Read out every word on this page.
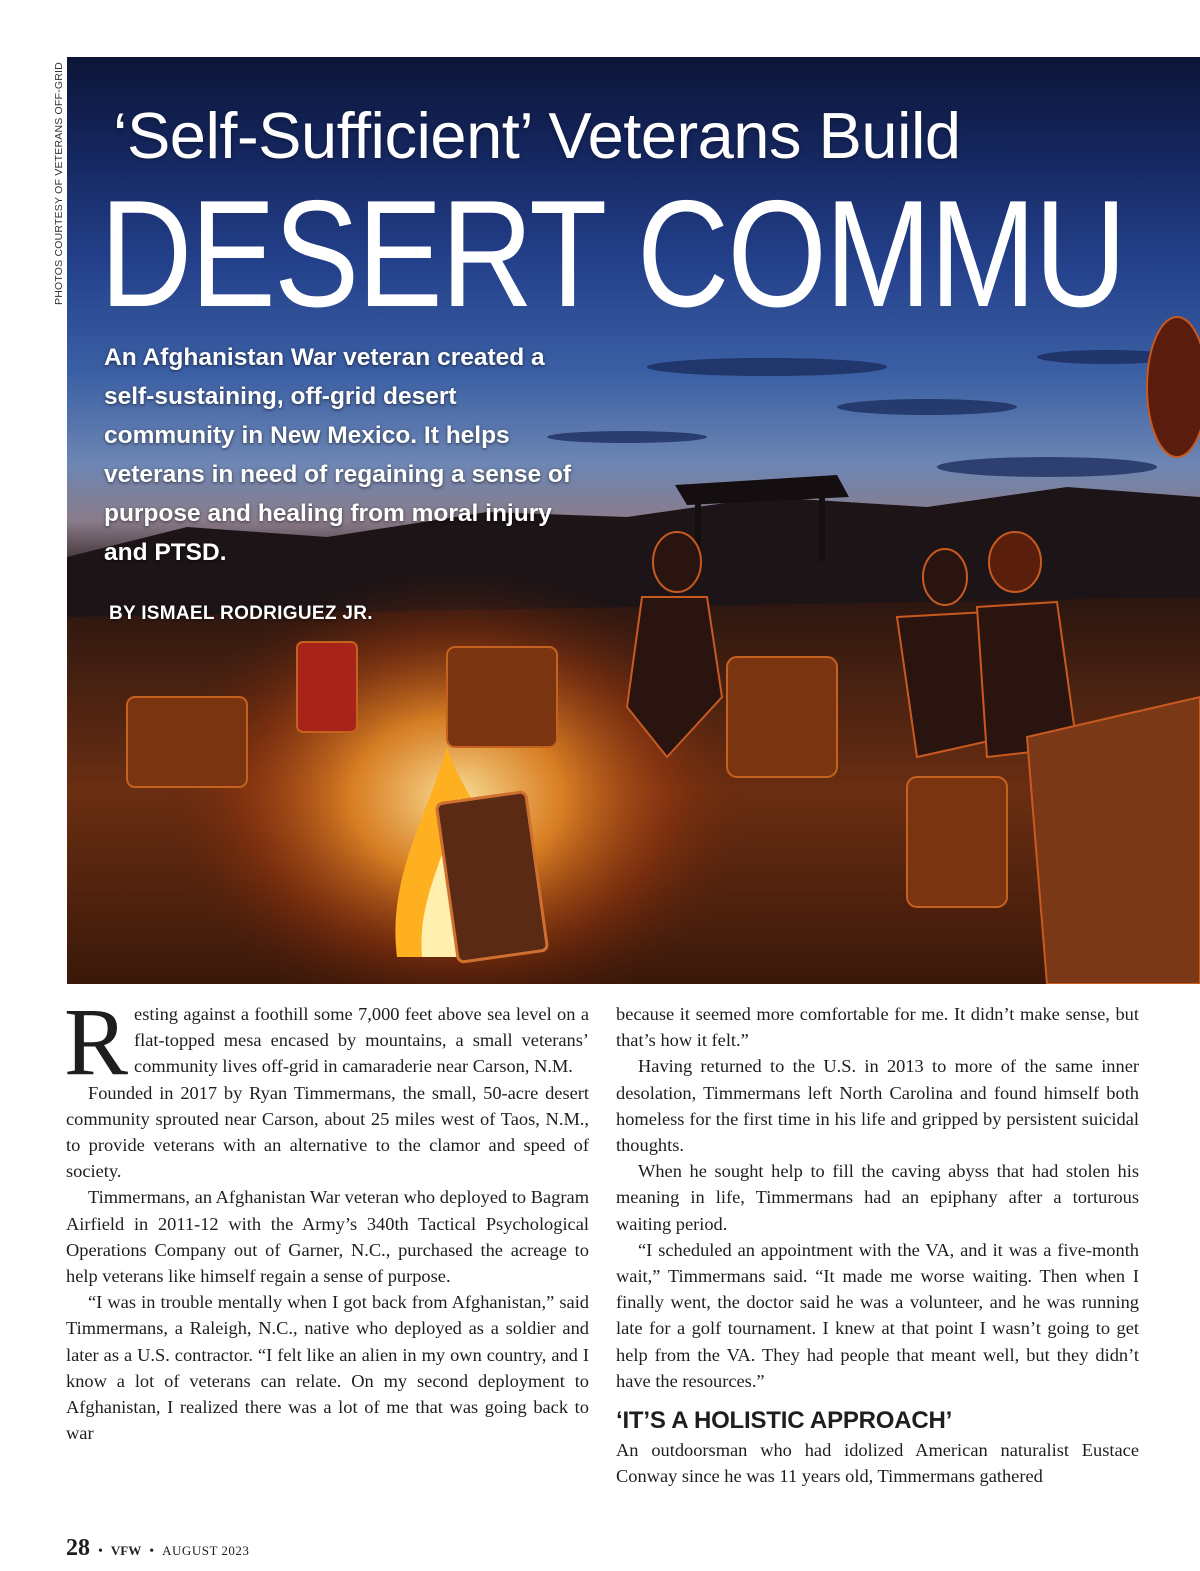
PHOTOS COURTESY OF VETERANS OFF-GRID ‘Self-Sufficient’ Veterans Build
DESERT COMMU
An Afghanistan War veteran created a self-sustaining, off-grid desert community in New Mexico. It helps veterans in need of regaining a sense of purpose and healing from moral injury and PTSD.
BY ISMAEL RODRIGUEZ JR.

Resting against a foothill some 7,000 feet above sea level on a flat-topped mesa encased by mountains, a small veterans’ community lives off-grid in camaraderie near Carson, N.M.

Founded in 2017 by Ryan Timmermans, the small, 50-acre desert community sprouted near Carson, about 25 miles west of Taos, N.M., to provide veterans with an alternative to the clamor and speed of society.

Timmermans, an Afghanistan War veteran who deployed to Bagram Airfield in 2011-12 with the Army’s 340th Tactical Psychological Operations Company out of Garner, N.C., purchased the acreage to help veterans like himself regain a sense of purpose.

“I was in trouble mentally when I got back from Afghanistan,” said Timmermans, a Raleigh, N.C., native who deployed as a soldier and later as a U.S. contractor. “I felt like an alien in my own country, and I know a lot of veterans can relate. On my second deployment to Afghanistan, I realized there was a lot of me that was going back to war

because it seemed more comfortable for me. It didn’t make sense, but that’s how it felt.”

Having returned to the U.S. in 2013 to more of the same inner desolation, Timmermans left North Carolina and found himself both homeless for the first time in his life and gripped by persistent suicidal thoughts.

When he sought help to fill the caving abyss that had stolen his meaning in life, Timmermans had an epiphany after a torturous waiting period.

“I scheduled an appointment with the VA, and it was a five-month wait,” Timmermans said. “It made me worse waiting. Then when I finally went, the doctor said he was a volunteer, and he was running late for a golf tournament. I knew at that point I wasn’t going to get help from the VA. They had people that meant well, but they didn’t have the resources.”

‘IT’S A HOLISTIC APPROACH’

An outdoorsman who had idolized American naturalist Eustace Conway since he was 11 years old, Timmermans gathered

28 • VFW • AUGUST 2023
